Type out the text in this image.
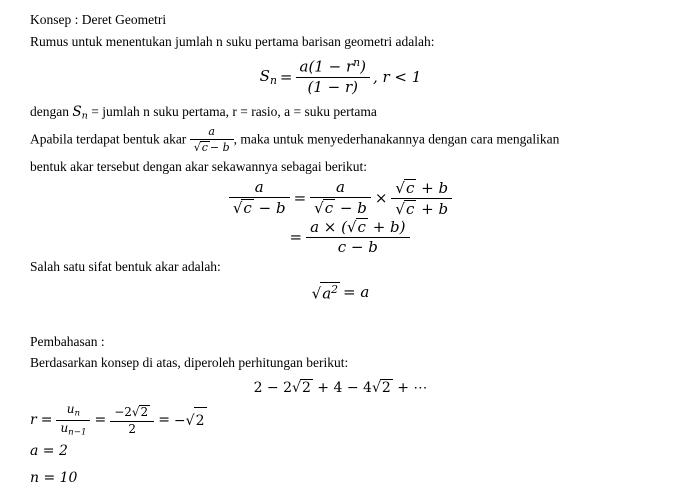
Konsep : Deret Geometri

Rumus untuk menentukan jumlah n suku pertama barisan geometri adalah:

$S_n = \frac{a(1 - r^n)}{(1 - r)}$ , r < 1

dengan $S_n$ = jumlah n suku pertama, r = rasio, a = suku pertama

Apabila terdapat bentuk akar $\frac{a}{√c - b}$ , maka untuk menyederhanakannya dengan cara mengalikan

bentuk akar tersebut dengan akar sekawannya sebagai berikut:

$\frac{a}{√c - b} = \frac{a}{√c - b} \times \frac{√c + b}{√c + b}$
= $\frac{a \times (√c + b)}{c - b}$

Salah satu sifat bentuk akar adalah:

$√a^2 = a$

Pembahasan :

Berdasarkan konsep di atas, diperoleh perhitungan berikut:

2 − 2√2 + 4 − 4√2 + ⋯
$r = \frac{u_n}{u_{n-1}} = \frac{-2√2}{2} = -√2$
a = 2
n = 10
